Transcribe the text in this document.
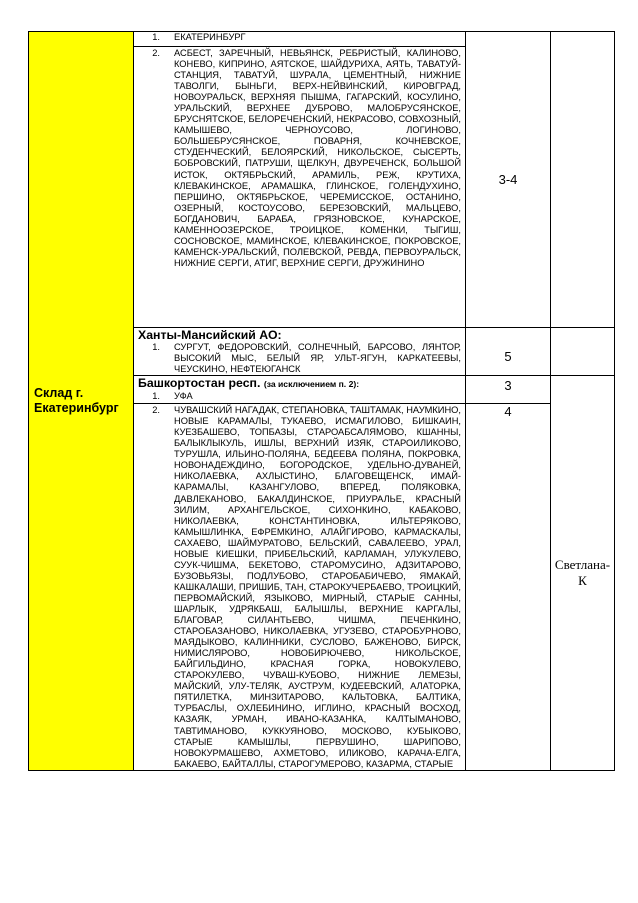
Склад г. Екатеринбург	1. ЕКАТЕРИНБУРГ	3-4	

	2. АСБЕСТ, ЗАРЕЧНЫЙ, НЕВЬЯНСК, РЕБРИСТЫЙ, КАЛИНОВО, КОНЕВО, КИПРИНО, АЯТСКОЕ, ШАЙДУРИХА, АЯТЬ, ТАВАТУЙ-СТАНЦИЯ, ТАВАТУЙ, ШУРАЛА, ЦЕМЕНТНЫЙ, НИЖНИЕ ТАВОЛГИ, БЫНЬГИ, ВЕРХ-НЕЙВИНСКИЙ, КИРОВГРАД, НОВОУРАЛЬСК, ВЕРХНЯЯ ПЫШМА, ГАГАРСКИЙ, КОСУЛИНО, УРАЛЬСКИЙ, ВЕРХНЕЕ ДУБРОВО, МАЛОБРУСЯНСКОЕ, БРУСНЯТСКОЕ, БЕЛОРЕЧЕНСКИЙ, НЕКРАСОВО, СОВХОЗНЫЙ, КАМЫШЕВО, ЧЕРНОУСОВО, ЛОГИНОВО, БОЛЬШЕБРУСЯНСКОЕ, ПОВАРНЯ, КОЧНЕВСКОЕ, СТУДЕНЧЕСКИЙ, БЕЛОЯРСКИЙ, НИКОЛЬСКОЕ, СЫСЕРТЬ, БОБРОВСКИЙ, ПАТРУШИ, ЩЕЛКУН, ДВУРЕЧЕНСК, БОЛЬШОЙ ИСТОК, ОКТЯБРЬСКИЙ, АРАМИЛЬ, РЕЖ, КРУТИХА, КЛЕВАКИНСКОЕ, АРАМАШКА, ГЛИНСКОЕ, ГОЛЕНДУХИНО, ПЕРШИНО, ОКТЯБРЬСКОЕ, ЧЕРЕМИССКОЕ, ОСТАНИНО, ОЗЕРНЫЙ, КОСТОУСОВО, БЕРЕЗОВСКИЙ, МАЛЬЦЕВО, БОГДАНОВИЧ, БАРАБА, ГРЯЗНОВСКОЕ, КУНАРСКОЕ, КАМЕННООЗЕРСКОЕ, ТРОИЦКОЕ, КОМЕНКИ, ТЫГИШ, СОСНОВСКОЕ, МАМИНСКОЕ, КЛЕВАКИНСКОЕ, ПОКРОВСКОЕ, КАМЕНСК-УРАЛЬСКИЙ, ПОЛЕВСКОЙ, РЕВДА, ПЕРВОУРАЛЬСК, НИЖНИЕ СЕРГИ, АТИГ, ВЕРХНИЕ СЕРГИ, ДРУЖИНИНО		

	Ханты-Мансийский АО:
1. СУРГУТ, ФЕДОРОВСКИЙ, СОЛНЕЧНЫЙ, БАРСОВО, ЛЯНТОР, ВЫСОКИЙ МЫС, БЕЛЫЙ ЯР, УЛЬТ-ЯГУН, КАРКАТЕЕВЫ, ЧЕУСКИНО, НЕФТЕЮГАНСК	5	

	Башкортостан респ. (за исключением п. 2):
1. УФА	3	Светлана-К

	2. ЧУВАШСКИЙ НАГАДАК, СТЕПАНОВКА, ТАШТАМАК, НАУМКИНО, НОВЫЕ КАРАМАЛЫ, ТУКАЕВО, ИСМАГИЛОВО, БИШКАИН, КУЕЗБАШЕВО, ТОПБАЗЫ, СТАРОАБСАЛЯМОВО, КШАННЫ, БАЛЫКЛЫКУЛЬ, ИШЛЫ, ВЕРХНИЙ ИЗЯК, СТАРОИЛИКОВО, ТУРУШЛА, ИЛЬИНО-ПОЛЯНА, БЕДЕЕВА ПОЛЯНА, ПОКРОВКА, НОВОНАДЕЖДИНО, БОГОРОДСКОЕ, УДЕЛЬНО-ДУВАНЕЙ, НИКОЛАЕВКА, АХЛЫСТИНО, БЛАГОВЕЩЕНСК, ИМАЙ-КАРАМАЛЫ, КАЗАНГУЛОВО, ВПЕРЕД, ПОЛЯКОВКА, ДАВЛЕКАНОВО, БАКАЛДИНСКОЕ, ПРИУРАЛЬЕ, КРАСНЫЙ ЗИЛИМ, АРХАНГЕЛЬСКОЕ, СИХОНКИНО, КАБАКОВО, НИКОЛАЕВКА, КОНСТАНТИНОВКА, ИЛЬТЕРЯКОВО, КАМЫШЛИНКА, ЕФРЕМКИНО, АЛАЙГИРОВО, КАРМАСКАЛЫ, САХАЕВО, ШАЙМУРАТОВО, БЕЛЬСКИЙ, САВАЛЕЕВО, УРАЛ, НОВЫЕ КИЕШКИ, ПРИБЕЛЬСКИЙ, КАРЛАМАН, УЛУКУЛЕВО, СУУК-ЧИШМА, БЕКЕТОВО, СТАРОМУСИНО, АДЗИТАРОВО, БУЗОВЬЯЗЫ, ПОДЛУБОВО, СТАРОБАБИЧЕВО, ЯМАКАЙ, КАШКАЛАШИ, ПРИШИБ, ТАН, СТАРОКУЧЕРБАЕВО, ТРОИЦКИЙ, ПЕРВОМАЙСКИЙ, ЯЗЫКОВО, МИРНЫЙ, СТАРЫЕ САННЫ, ШАРЛЫК, УДРЯКБАШ, БАЛЫШЛЫ, ВЕРХНИЕ КАРГАЛЫ, БЛАГОВАР, СИЛАНТЬЕВО, ЧИШМА, ПЕЧЕНКИНО, СТАРОБАЗАНОВО, НИКОЛАЕВКА, УГУЗЕВО, СТАРОБУРНОВО, МАЯДЫКОВО, КАЛИННИКИ, СУСЛОВО, БАЖЕНОВО, БИРСК, НИМИСЛЯРОВО, НОВОБИРЮЧЕВО, НИКОЛЬСКОЕ, БАЙГИЛЬДИНО, КРАСНАЯ ГОРКА, НОВОКУЛЕВО, СТАРОКУЛЕВО, ЧУВАШ-КУБОВО, НИЖНИЕ ЛЕМЕЗЫ, МАЙСКИЙ, УЛУ-ТЕЛЯК, АУСТРУМ, КУДЕЕВСКИЙ, АЛАТОРКА, ПЯТИЛЕТКА, МИНЗИТАРОВО, КАЛЬТОВКА, БАЛТИКА, ТУРБАСЛЫ, ОХЛЕБИНИНО, ИГЛИНО, КРАСНЫЙ ВОСХОД, КАЗАЯК, УРМАН, ИВАНО-КАЗАНКА, КАЛТЫМАНОВО, ТАВТИМАНОВО, КУККУЯНОВО, МОСКОВО, КУБЫКОВО, СТАРЫЕ КАМЫШЛЫ, ПЕРВУШИНО, ШАРИПОВО, НОВОКУРМАШЕВО, АХМЕТОВО, ИЛИКОВО, КАРАЧА-ЕЛГА, БАКАЕВО, БАЙТАЛЛЫ, СТАРОГУМЕРОВО, КАЗАРМА, СТАРЫЕ	4	
